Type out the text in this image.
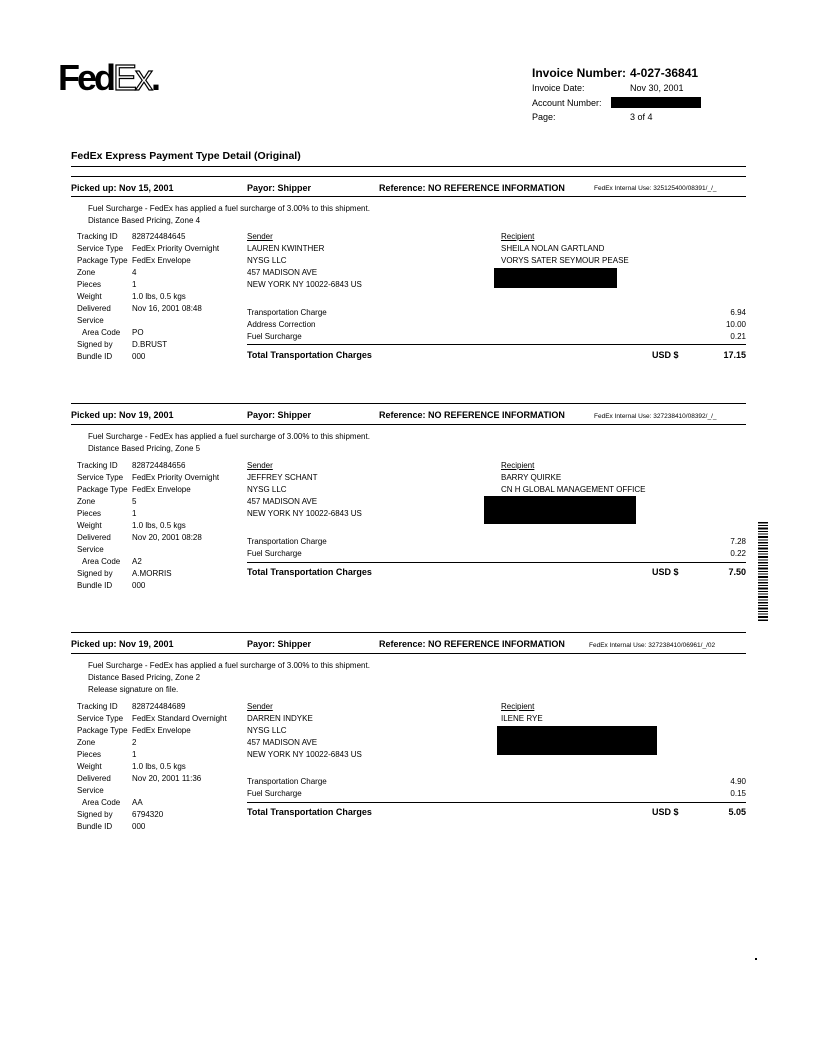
FedEx.	Invoice Number: 4-027-36841
Invoice Date:	Nov 30, 2001
Account Number:
Page:	3 of 4
FedEx Express Payment Type Detail (Original)
Picked up: Nov 15, 2001	Payor: Shipper	Reference: NO REFERENCE INFORMATION	FedEx Internal Use: 325125400/08391/_/_
Fuel Surcharge - FedEx has applied a fuel surcharge of 3.00% to this shipment.
Distance Based Pricing, Zone 4
Tracking ID 828724484645
Service Type FedEx Priority Overnight
Package Type FedEx Envelope
Zone	4
Pieces	1
Weight	1.0 lbs, 0.5 kgs
Delivered	Nov 16, 2001 08:48
Service
Area Code PO
Signed by D.BRUST
Bundle ID 000
Sender
LAUREN KWINTHER
NYSG LLC
457 MADISON AVE
NEW YORK NY 10022-6843 US
Recipient
SHEILA NOLAN GARTLAND
VORYS SATER SEYMOUR PEASE
Transportation Charge	6.94
Address Correction	10.00
Fuel Surcharge	0.21
Total Transportation Charges	USD $	17.15
Picked up: Nov 19, 2001	Payor: Shipper	Reference: NO REFERENCE INFORMATION	FedEx Internal Use: 327238410/08392/_/_
Fuel Surcharge - FedEx has applied a fuel surcharge of 3.00% to this shipment.
Distance Based Pricing, Zone 5
Tracking ID 828724484656
Service Type FedEx Priority Overnight
Package Type FedEx Envelope
Zone	5
Pieces	1
Weight	1.0 lbs, 0.5 kgs
Delivered	Nov 20, 2001 08:28
Service
Area Code A2
Signed by A.MORRIS
Bundle ID 000
Sender
JEFFREY SCHANT
NYSG LLC
457 MADISON AVE
NEW YORK NY 10022-6843 US
Recipient
BARRY QUIRKE
CN H GLOBAL MANAGEMENT OFFICE
Transportation Charge	7.28
Fuel Surcharge	0.22
Total Transportation Charges	USD $	7.50
Picked up: Nov 19, 2001	Payor: Shipper	Reference: NO REFERENCE INFORMATION	FedEx Internal Use: 327238410/06961/_/02
Fuel Surcharge - FedEx has applied a fuel surcharge of 3.00% to this shipment.
Distance Based Pricing, Zone 2
Release signature on file.
Tracking ID 828724484689
Service Type FedEx Standard Overnight
Package Type FedEx Envelope
Zone	2
Pieces	1
Weight	1.0 lbs, 0.5 kgs
Delivered	Nov 20, 2001 11:36
Service
Area Code AA
Signed by 6794320
Bundle ID 000
Sender
DARREN INDYKE
NYSG LLC
457 MADISON AVE
NEW YORK NY 10022-6843 US
Recipient
ILENE RYE
Transportation Charge	4.90
Fuel Surcharge	0.15
Total Transportation Charges	USD $	5.05
